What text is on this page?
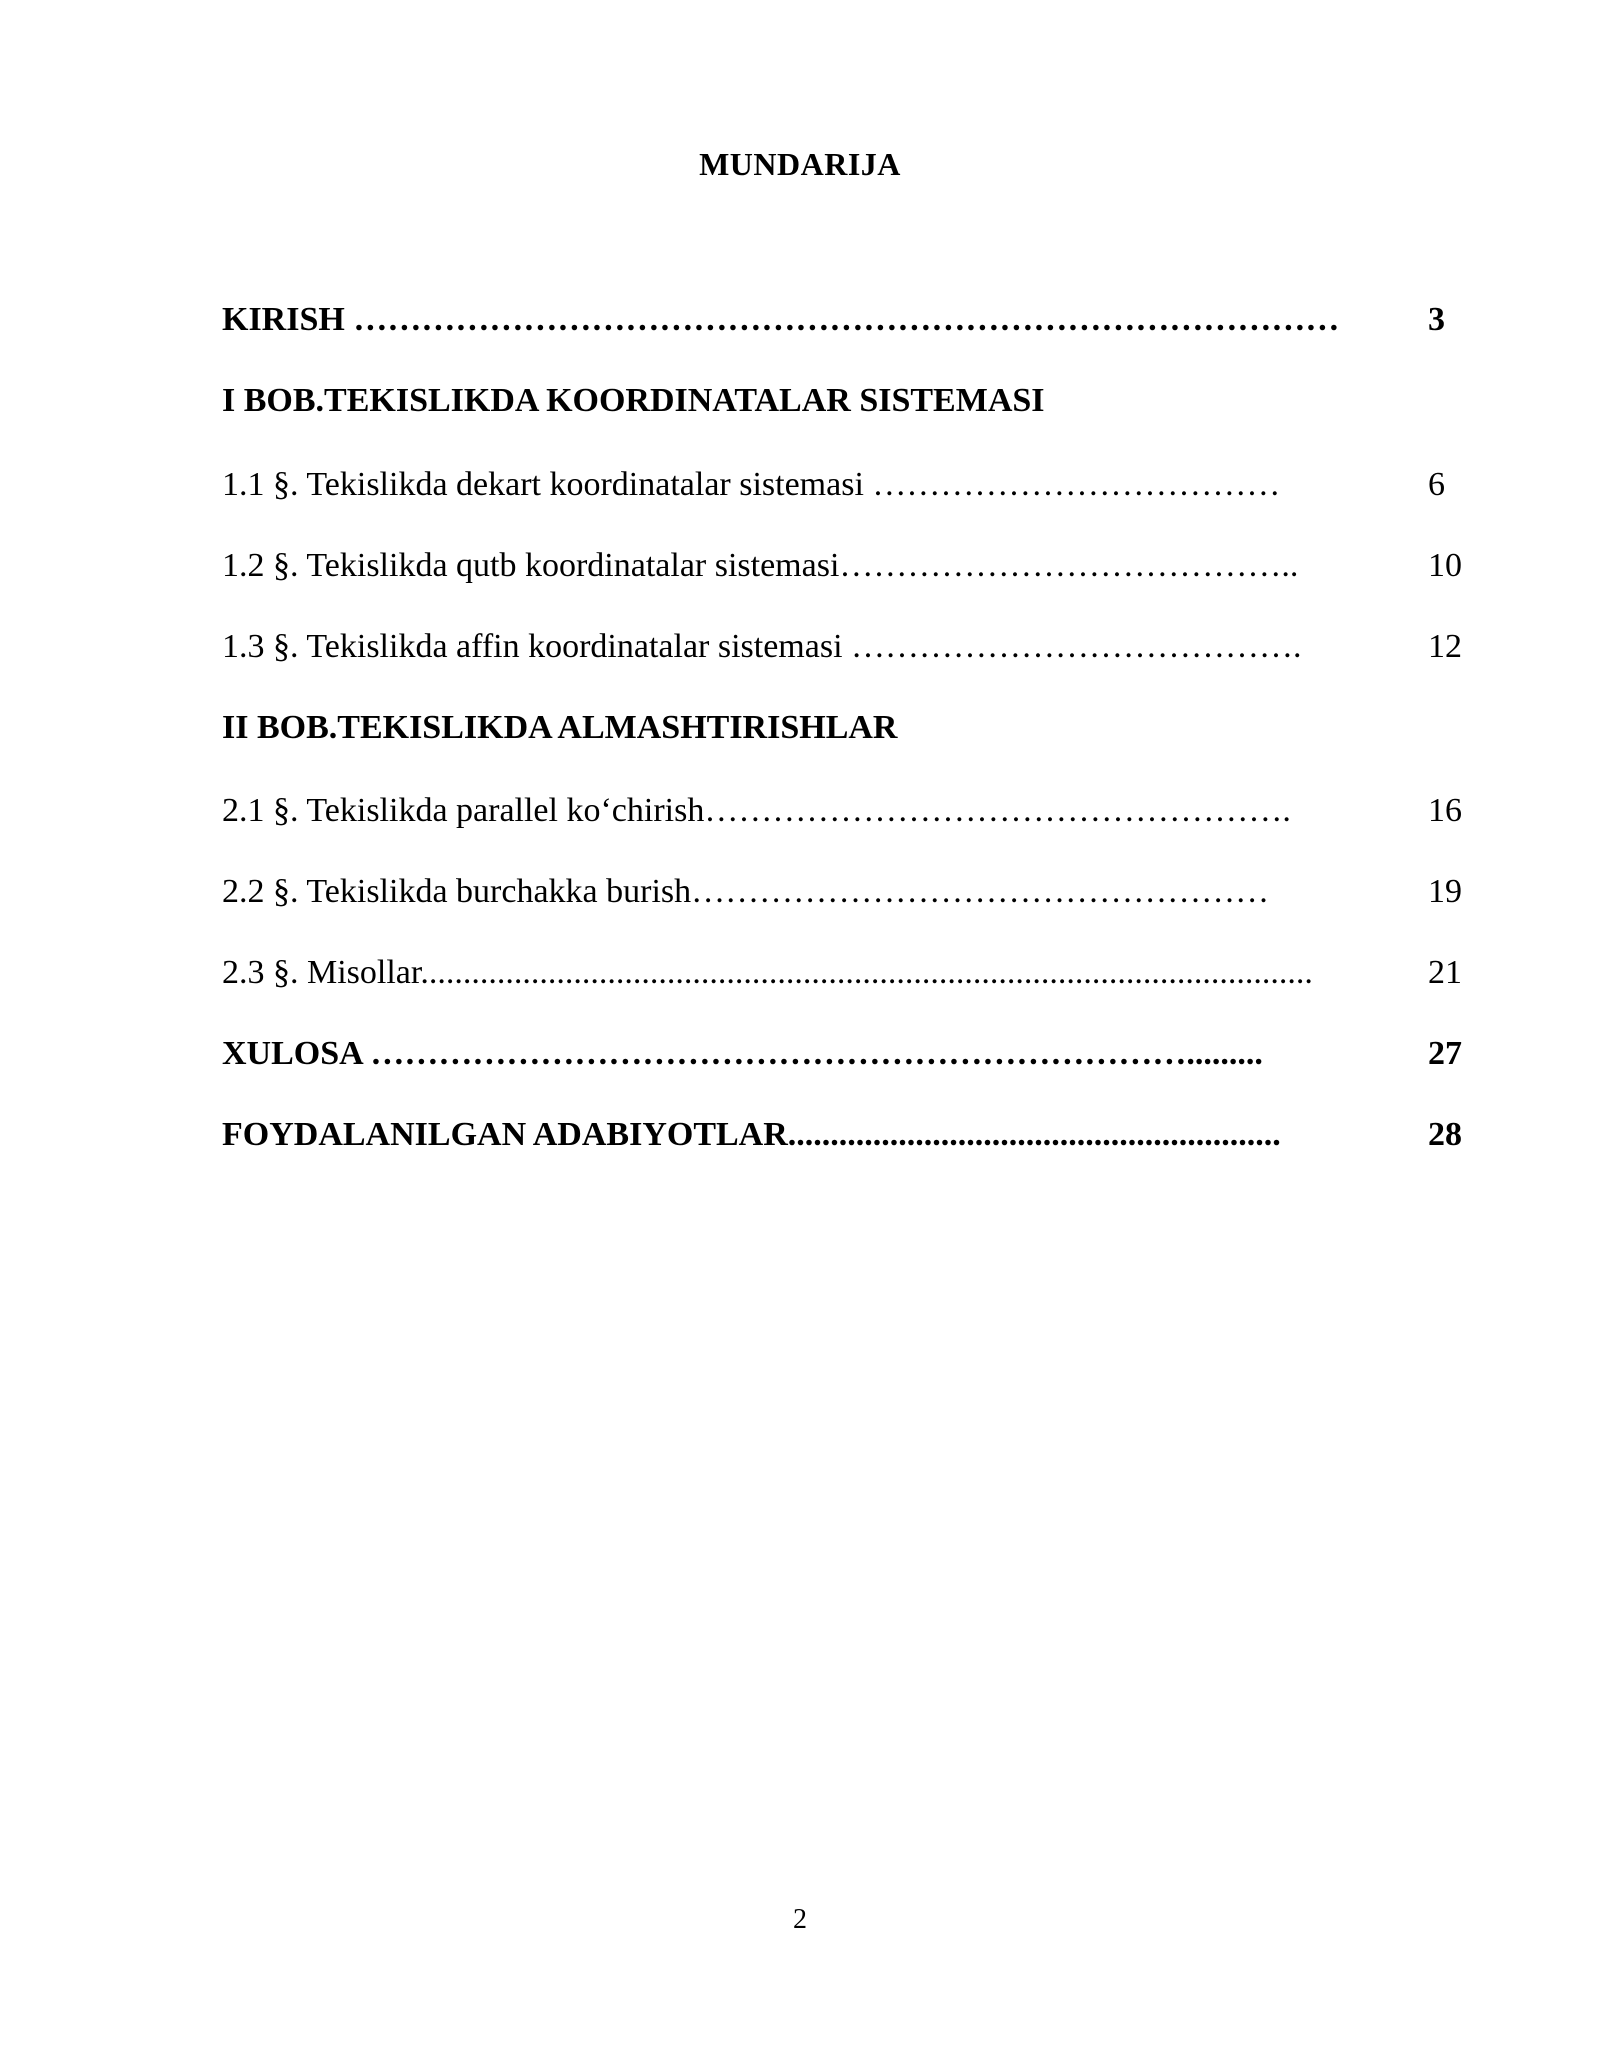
MUNDARIJA
KIRISH ……………………………………………………………………………	3
I BOB.TEKISLIKDA KOORDINATALAR SISTEMASI
1.1 §. Tekislikda dekart koordinatalar sistemasi ………………………………	6
1.2 §. Tekislikda qutb koordinatalar sistemasi…………………………………..	10
1.3 §. Tekislikda affin koordinatalar sistemasi ………………………………….	12
II BOB.TEKISLIKDA ALMASHTIRISHLAR
2.1 §. Tekislikda parallel ko‘chirish…………………………………………….	16
2.2 §. Tekislikda burchakka burish……………………………………………	19
2.3 §. Misollar.........................................................................................................	21
XULOSA ……………………………………………………………….........	27
FOYDALANILGAN ADABIYOTLAR..........................................................	28
2
